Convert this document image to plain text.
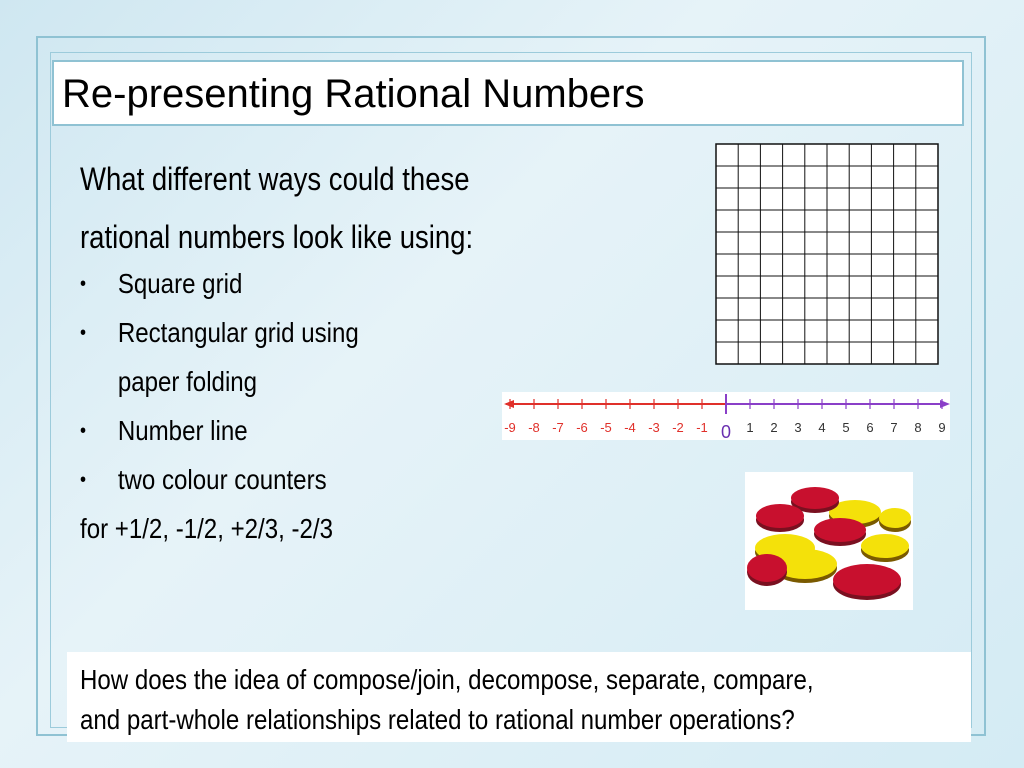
Re-presenting Rational Numbers
What different ways could these
rational numbers look like using:
• Square grid
• Rectangular grid using
paper folding
• Number line
• two colour counters
for +1/2, -1/2, +2/3, -2/3
-9 -8 -7 -6 -5 -4 -3 -2 -1 0 1 2 3 4 5 6 7 8 9
How does the idea of compose/join, decompose, separate, compare,
and part-whole relationships related to rational number operations?
